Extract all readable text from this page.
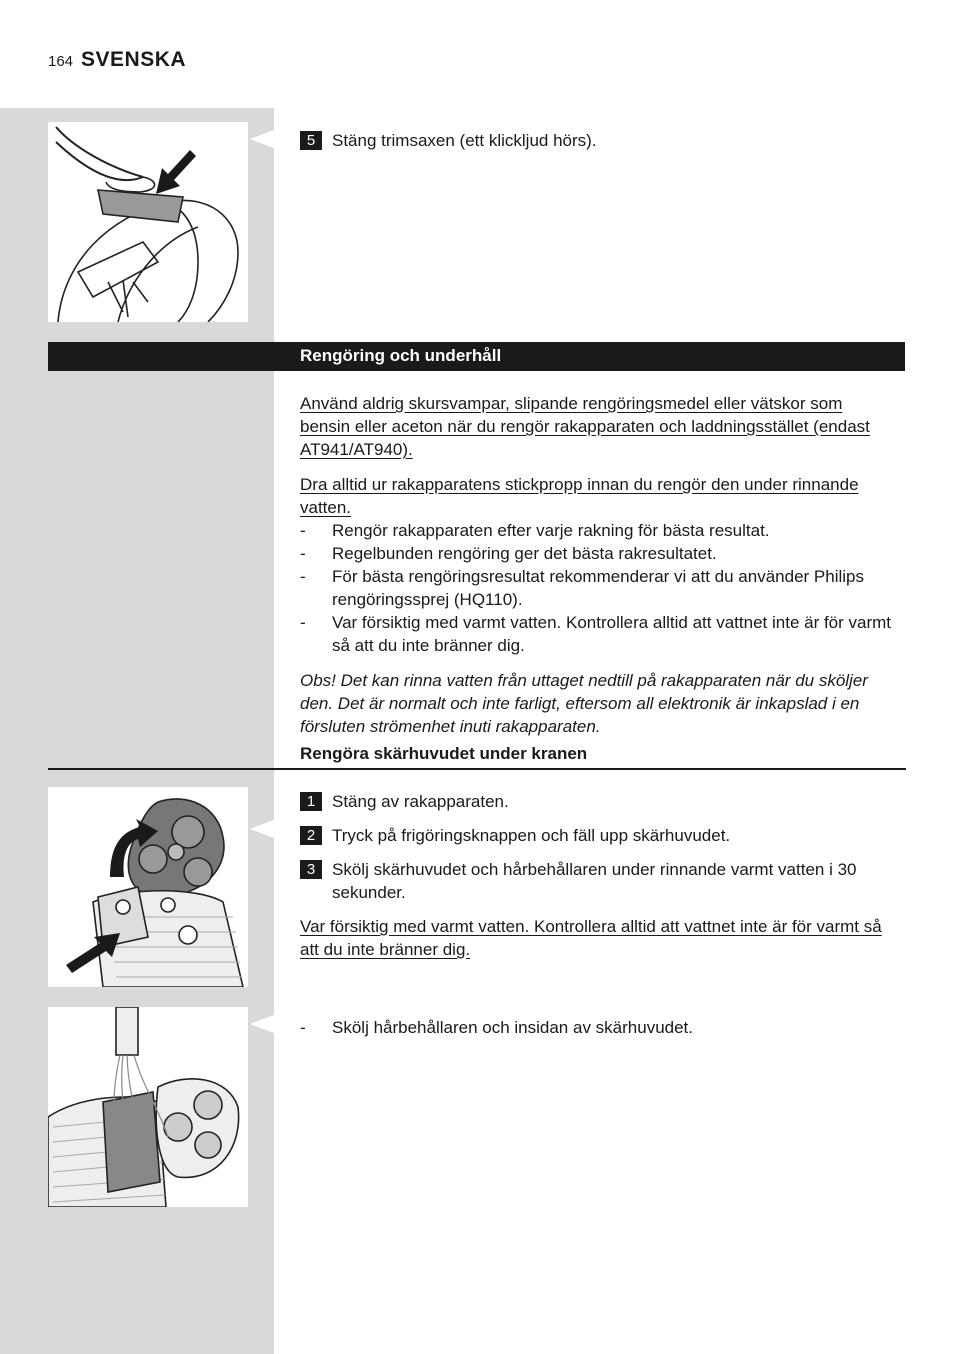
164 SVENSKA
5 Stäng trimsaxen (ett klickljud hörs).
Rengöring och underhåll
Använd aldrig skursvampar, slipande rengöringsmedel eller vätskor som bensin eller aceton när du rengör rakapparaten och laddningsstället (endast AT941/AT940).
Dra alltid ur rakapparatens stickpropp innan du rengör den under rinnande vatten.
- Rengör rakapparaten efter varje rakning för bästa resultat.
- Regelbunden rengöring ger det bästa rakresultatet.
- För bästa rengöringsresultat rekommenderar vi att du använder Philips rengöringssprej (HQ110).
- Var försiktig med varmt vatten. Kontrollera alltid att vattnet inte är för varmt så att du inte bränner dig.
Obs! Det kan rinna vatten från uttaget nedtill på rakapparaten när du sköljer den. Det är normalt och inte farligt, eftersom all elektronik är inkapslad i en försluten strömenhet inuti rakapparaten.
Rengöra skärhuvudet under kranen
1 Stäng av rakapparaten.
2 Tryck på frigöringsknappen och fäll upp skärhuvudet.
3 Skölj skärhuvudet och hårbehållaren under rinnande varmt vatten i 30 sekunder.
Var försiktig med varmt vatten. Kontrollera alltid att vattnet inte är för varmt så att du inte bränner dig.
- Skölj hårbehållaren och insidan av skärhuvudet.
